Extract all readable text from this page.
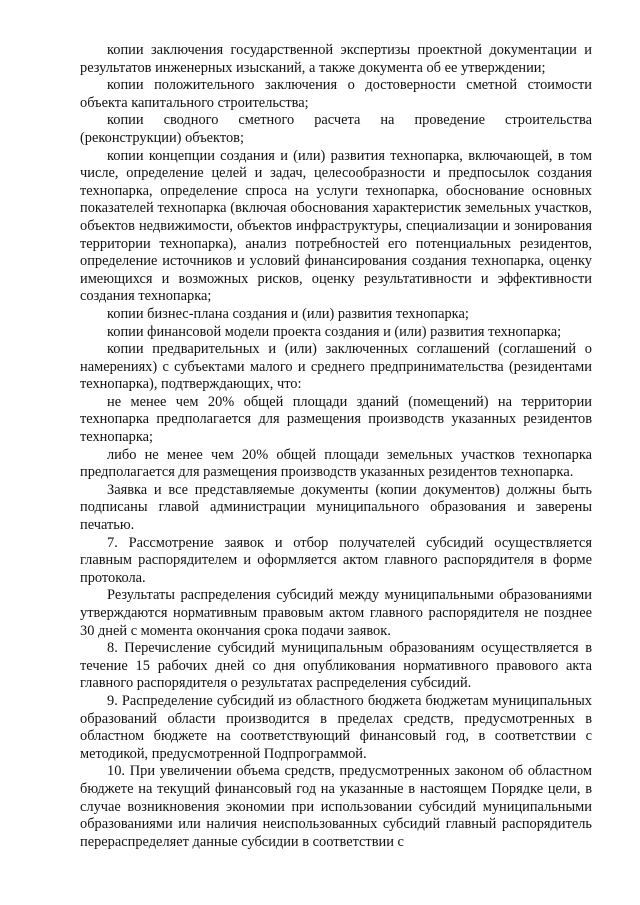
копии заключения государственной экспертизы проектной документации и результатов инженерных изысканий, а также документа об ее утверждении;

копии положительного заключения о достоверности сметной стоимости объекта капитального строительства;

копии сводного сметного расчета на проведение строительства (реконструкции) объектов;

копии концепции создания и (или) развития технопарка, включающей, в том числе, определение целей и задач, целесообразности и предпосылок создания технопарка, определение спроса на услуги технопарка, обоснование основных показателей технопарка (включая обоснования характеристик земельных участков, объектов недвижимости, объектов инфраструктуры, специализации и зонирования территории технопарка), анализ потребностей его потенциальных резидентов, определение источников и условий финансирования создания технопарка, оценку имеющихся и возможных рисков, оценку результативности и эффективности создания технопарка;

копии бизнес-плана создания и (или) развития технопарка;

копии финансовой модели проекта создания и (или) развития технопарка;

копии предварительных и (или) заключенных соглашений (соглашений о намерениях) с субъектами малого и среднего предпринимательства (резидентами технопарка), подтверждающих, что:

не менее чем 20% общей площади зданий (помещений) на территории технопарка предполагается для размещения производств указанных резидентов технопарка;

либо не менее чем 20% общей площади земельных участков технопарка предполагается для размещения производств указанных резидентов технопарка.

Заявка и все представляемые документы (копии документов) должны быть подписаны главой администрации муниципального образования и заверены печатью.

7. Рассмотрение заявок и отбор получателей субсидий осуществляется главным распорядителем и оформляется актом главного распорядителя в форме протокола.

Результаты распределения субсидий между муниципальными образованиями утверждаются нормативным правовым актом главного распорядителя не позднее 30 дней с момента окончания срока подачи заявок.

8. Перечисление субсидий муниципальным образованиям осуществляется в течение 15 рабочих дней со дня опубликования нормативного правового акта главного распорядителя о результатах распределения субсидий.

9. Распределение субсидий из областного бюджета бюджетам муниципальных образований области производится в пределах средств, предусмотренных в областном бюджете на соответствующий финансовый год, в соответствии с методикой, предусмотренной Подпрограммой.

10. При увеличении объема средств, предусмотренных законом об областном бюджете на текущий финансовый год на указанные в настоящем Порядке цели, в случае возникновения экономии при использовании субсидий муниципальными образованиями или наличия неиспользованных субсидий главный распорядитель перераспределяет данные субсидии в соответствии с
